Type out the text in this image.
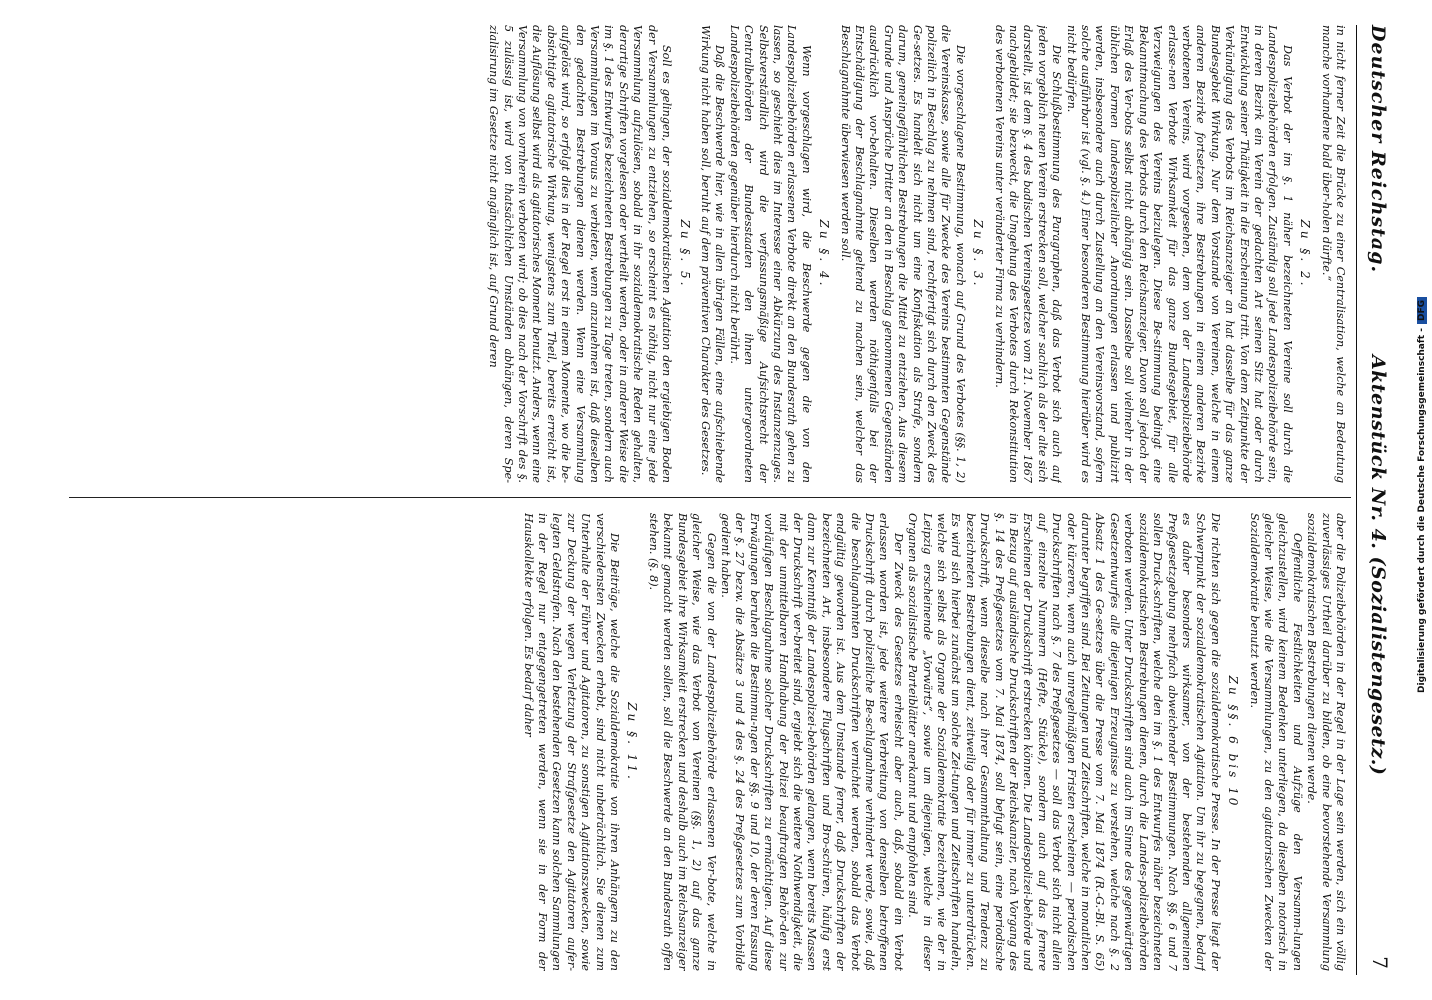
Deutscher Reichstag.
Aktenstück Nr. 4. (Sozialistengesetz.)
7

in nicht ferner Zeit die Brücke zu einer Centralisation, welche an Bedeutung manche vorhandene bald über-holen dürfte.“

Zu §. 2.

Das Verbot der im §. 1 näher bezeichneten Vereine soll durch die Landespolizeibehörden erfolgen. Zuständig soll jede Landespolizeibehörde sein, in deren Bezirk ein Verein der gedachten Art seinen Sitz hat oder durch Entwicklung seiner Thätigkeit in die Erscheinung tritt. Von dem Zeitpunkte der Verkündigung des Verbots im Reichsanzeiger an hat dasselbe für das ganze Bundesgebiet Wirkung. Nur dem Vorstande von Vereinen, welche in einem anderen Bezirke fortsetzen, ihre Bestrebungen in einem anderen Bezirke verbotenen Vereins, wird vorgesehen, dem von der Landespolizeibehörde erlasse-nen Verbote Wirksamkeit für das ganze Bundesgebiet, für alle Verzweigungen des Vereins beizulegen. Diese Be-stimmung bedingt eine Bekanntmachung des Verbots durch den Reichsanzeiger. Davon soll jedoch der Erlaß des Ver-bots selbst nicht abhängig sein. Dasselbe soll vielmehr in der üblichen Formen landespolizeilicher Anordnungen erlassen und publizirt werden, insbesondere auch durch Zustellung an den Vereinsvorstand, sofern solche ausführbar ist (vgl. §. 4.) Einer besonderen Bestimmung hierüber wird es nicht bedürfen.

Die Schlußbestimmung des Paragraphen, daß das Verbot sich auch auf jeden vorgeblich neuen Verein erstrecken soll, welcher sachlich als der alte sich darstellt, ist dem §. 4 des badischen Vereinsgesetzes vom 21. November 1867 nachgebildet; sie bezweckt, die Umgehung des Verbotes durch Rekonstitution des verbotenen Vereins unter veränderter Firma zu verhindern.

Zu §. 3.

Die vorgeschlagene Bestimmung, wonach auf Grund des Verbotes (§§. 1, 2) die Vereinskasse, sowie alle für Zwecke des Vereins bestimmten Gegenstände polizeilich in Beschlag zu nehmen sind, rechtfertigt sich durch den Zweck des Ge-setzes. Es handelt sich nicht um eine Konfiskation als Strafe, sondern darum, gemeingefährlichen Bestrebungen die Mittel zu entziehen. Aus diesem Grunde und Ansprüche Dritter an den in Beschlag genommenen Gegenständen ausdrücklich vor-behalten. Dieselben werden nöthigenfalls bei der Entschädigung der Beschlagnahmte geltend zu machen sein, welcher das Beschlagnahmte überwiesen werden soll.

Zu §. 4.

Wenn vorgeschlagen wird, die Beschwerde gegen die von den Landespolizeibehörden erlassenen Verbote direkt an den Bundesrath gehen zu lassen, so geschieht dies im Interesse einer Abkürzung des Instanzenzuges. Selbstverständlich wird die verfassungsmäßige Aufsichtsrecht der Centralbehörden der Bundesstaaten den ihnen untergeordneten Landespolizeibehörden gegenüber hierdurch nicht berührt.

Daß die Beschwerde hier, wie in allen übrigen Fällen, eine aufschiebende Wirkung nicht haben soll, beruht auf dem präventiven Charakter des Gesetzes.

Zu §. 5.

Soll es gelingen, der sozialdemokratischen Agitation den ergiebigen Boden der Versammlungen zu entziehen, so erscheint es nöthig, nicht nur eine jede Versammlung aufzulösen, sobald in ihr sozialdemokratische Reden gehalten, derartige Schriften vorgelesen oder vertheilt werden, oder in anderer Weise die im §. 1 des Entwurfes bezeichneten Bestrebungen zu Tage treten, sondern auch Versammlungen im Voraus zu verbieten, wenn anzunehmen ist, daß dieselben den gedachten Bestrebungen dienen werden. Wenn eine Versammlung aufgelöst wird, so erfolgt dies in der Regel erst in einem Momente, wo die be-absichtigte agitatorische Wirkung, wenigstens zum Theil, bereits erreicht ist, die Auflösung selbst wird als agitatorisches Moment benutzt. Anders, wenn eine Versammlung von vornherein verboten wird; ob dies nach der Vorschrift des §. 5 zulässig ist, wird von thatsächlichen Umständen abhängen, deren Spe-zialisirung im Gesetze nicht angänglich ist, auf Grund deren

aber die Polizeibehörden in der Regel in der Lage sein werden, sich ein völlig zuverlässiges Urtheil darüber zu bilden, ob eine bevorstehende Versammlung sozialdemokratischen Bestrebungen dienen werde.

Oeffentliche Festlichkeiten und Aufzüge den Versamm-lungen gleichzustellen, wird keinem Bedenken unterliegen, da dieselben notorisch in gleicher Weise, wie die Versammlungen, zu den agitatorischen Zwecken der Sozialdemokratie benutzt werden.

Zu §§. 6 bis 10

Die richten sich gegen die sozialdemokratische Presse. In der Presse liegt der Schwerpunkt der sozialdemokratischen Agitation. Um ihr zu begegnen, bedarf es daher besonders wirksamer, von der bestehenden allgemeinen Preßgesetzgebung mehrfach abweichender Bestimmungen. Nach §§. 6 und 7 sollen Druck-schriften, welche den im §. 1 des Entwurfes näher bezeichneten sozialdemokratischen Bestrebungen dienen, durch die Landes-polizeibehörden verboten werden. Unter Druckschriften sind auch im Sinne des gegenwärtigen Gesetzentwurfes alle diejenigen Erzeugnisse zu verstehen, welche nach §. 2 Absatz 1 des Ge-setzes über die Presse vom 7. Mai 1874 (R.-G.-Bl. S. 65) darunter begriffen sind. Bei Zeitungen und Zeitschriften, welche in monatlichen oder kürzeren, wenn auch unregelmäßigen Fristen erscheinen — periodischen Druckschriften nach §. 7 des Preßgesetzes — soll das Verbot sich nicht allein auf einzelne Nummern (Hefte, Stücke), sondern auch auf das fernere Erscheinen der Druckschrift erstrecken können. Die Landespolizei-behörde und in Bezug auf ausländische Druckschriften der Reichskanzler, nach Vorgang des §. 14 des Preßgesetzes vom 7. Mai 1874, soll befugt sein, eine periodische Druckschrift, wenn dieselbe nach ihrer Gesammthaltung und Tendenz zu bezeichneten Bestrebungen dient, zeitweilig oder für immer zu unterdrücken. Es wird sich hierbei zunächst um solche Zei-tungen und Zeitschriften handeln, welche sich selbst als Organe der Sozialdemokratie bezeichnen, wie der in Leipzig erscheinende „Vorwärts“, sowie um diejenigen, welche in dieser Organen als sozialistische Parteiblätter anerkannt und empfohlen sind.

Der Zweck des Gesetzes erheischt aber auch, daß, sobald ein Verbot erlassen worden ist, jede weitere Verbreitung von denselben betroffenen Druckschrift durch polizeiliche Be-schlagnahme verhindert werde, sowie, daß die beschlagnahmten Druckschriften vernichtet werden, sobald das Verbot endgültig geworden ist. Aus dem Umstande ferner, daß Druckschriften der bezeichneten Art, insbesondere Flugschriften und Bro-schüren, häufig erst dann zur Kenntniß der Landespolizei-behörden gelangen, wenn bereits Massen der Druckschrift ver-breitet sind, ergiebt sich die weitere Nothwendigkeit, die mit der unmittelbaren Handhabung der Polizei beauftragten Behör-den zur vorläufigen Beschlagnahme solcher Druckschriften zu ermächtigen. Auf diese Erwägungen beruhen die Bestimmu-ngen der §§. 9 und 10, der deren Fassung der §. 27 bezw. die Absätze 3 und 4 des §. 24 des Preßgesetzes zum Vorbilde gedient haben.

Gegen die von der Landespolizeibehörde erlassenen Ver-bote, welche in gleicher Weise, wie das Verbot von Vereinen (§§. 1, 2) auf das ganze Bundesgebiet ihre Wirksamkeit erstrecken und deshalb auch im Reichsanzeiger bekannt gemacht werden sollen, soll die Beschwerde an den Bundesrath offen stehen. (§. 8).

Zu §. 11.

Die Beiträge, welche die Sozialdemokratie von ihren Anhängern zu den verschiedensten Zwecken erhebt, sind nicht unbeträchtlich. Sie dienen zum Unterhalte der Führer und Agitatoren, zu sonstigen Agitationszwecken, sowie zur Deckung der wegen Verletzung der Strafgesetze den Agitatoren aufer-legten Geldstrafen. Nach den bestehenden Gesetzen kann solchen Sammlungen in der Regel nur entgegengetreten werden, wenn sie in der Form der Hauskollekte erfolgen. Es bedarf daher	Digitalisierung gefördert durch die Deutsche Forschungsgemeinschaft -DFG
